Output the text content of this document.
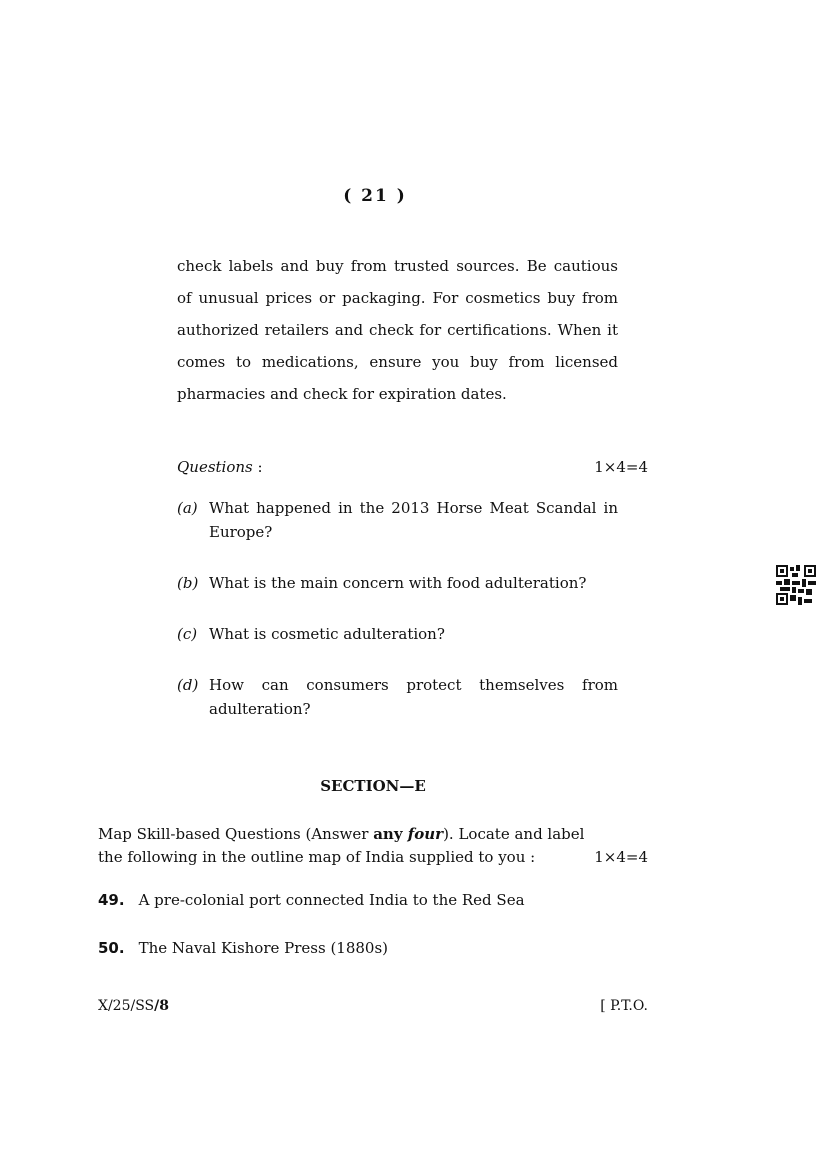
( 21 )
check labels and buy from trusted sources. Be cautious of unusual prices or packaging. For cosmetics buy from authorized retailers and check for certifications. When it comes to medications, ensure you buy from licensed pharmacies and check for expiration dates.
Questions :	1×4=4
(a) What happened in the 2013 Horse Meat Scandal in Europe?
(b) What is the main concern with food adulteration?
(c) What is cosmetic adulteration?
(d) How can consumers protect themselves from adulteration?
SECTION—E
Map Skill-based Questions (Answer any four). Locate and label
the following in the outline map of India supplied to you :	1×4=4
49. A pre-colonial port connected India to the Red Sea
50. The Naval Kishore Press (1880s)
X/25/SS/8	[ P.T.O.
